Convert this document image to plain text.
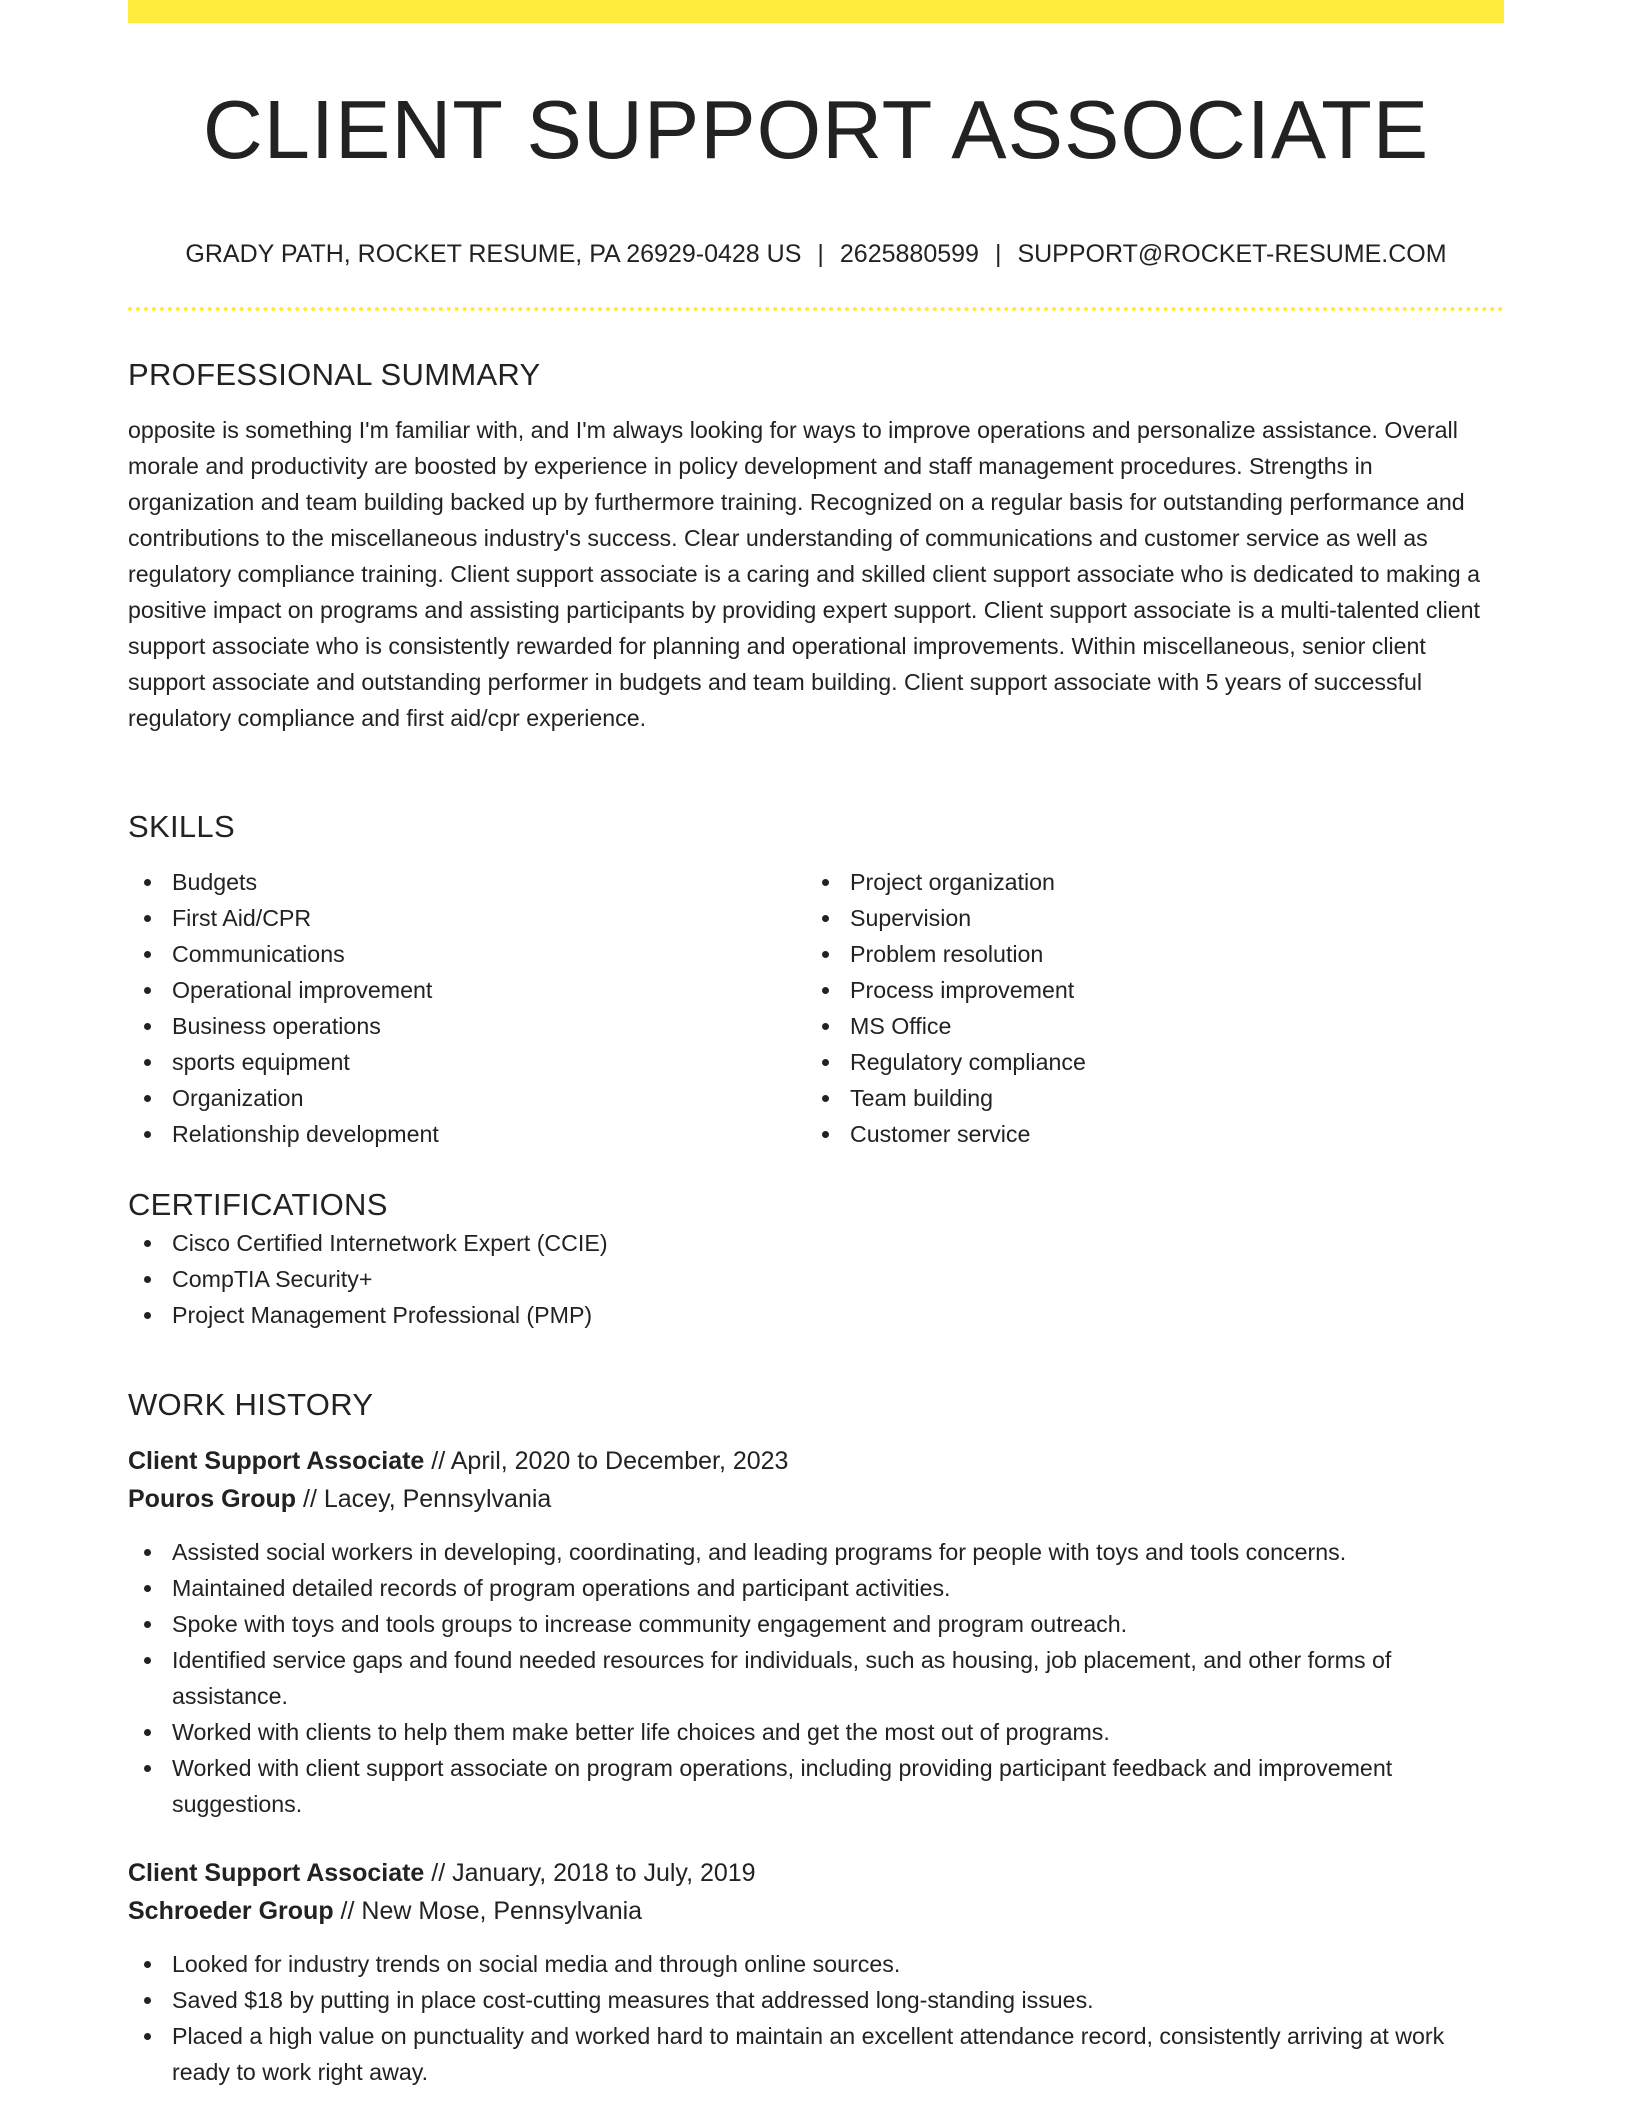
CLIENT SUPPORT ASSOCIATE
GRADY PATH, ROCKET RESUME, PA 26929-0428 US | 2625880599 | SUPPORT@ROCKET-RESUME.COM
PROFESSIONAL SUMMARY

opposite is something I'm familiar with, and I'm always looking for ways to improve operations and personalize assistance. Overall morale and productivity are boosted by experience in policy development and staff management procedures. Strengths in organization and team building backed up by furthermore training. Recognized on a regular basis for outstanding performance and contributions to the miscellaneous industry's success. Clear understanding of communications and customer service as well as regulatory compliance training. Client support associate is a caring and skilled client support associate who is dedicated to making a positive impact on programs and assisting participants by providing expert support. Client support associate is a multi-talented client support associate who is consistently rewarded for planning and operational improvements. Within miscellaneous, senior client support associate and outstanding performer in budgets and team building. Client support associate with 5 years of successful regulatory compliance and first aid/cpr experience.

SKILLS
Budgets
First Aid/CPR
Communications
Operational improvement
Business operations
sports equipment
Organization
Relationship development
Project organization
Supervision
Problem resolution
Process improvement
MS Office
Regulatory compliance
Team building
Customer service
CERTIFICATIONS
Cisco Certified Internetwork Expert (CCIE)
CompTIA Security+
Project Management Professional (PMP)
WORK HISTORY
Client Support Associate // April, 2020 to December, 2023
Pouros Group // Lacey, Pennsylvania
Assisted social workers in developing, coordinating, and leading programs for people with toys and tools concerns.
Maintained detailed records of program operations and participant activities.
Spoke with toys and tools groups to increase community engagement and program outreach.
Identified service gaps and found needed resources for individuals, such as housing, job placement, and other forms of assistance.
Worked with clients to help them make better life choices and get the most out of programs.
Worked with client support associate on program operations, including providing participant feedback and improvement suggestions.
Client Support Associate // January, 2018 to July, 2019
Schroeder Group // New Mose, Pennsylvania
Looked for industry trends on social media and through online sources.
Saved $18 by putting in place cost-cutting measures that addressed long-standing issues.
Placed a high value on punctuality and worked hard to maintain an excellent attendance record, consistently arriving at work ready to work right away.
